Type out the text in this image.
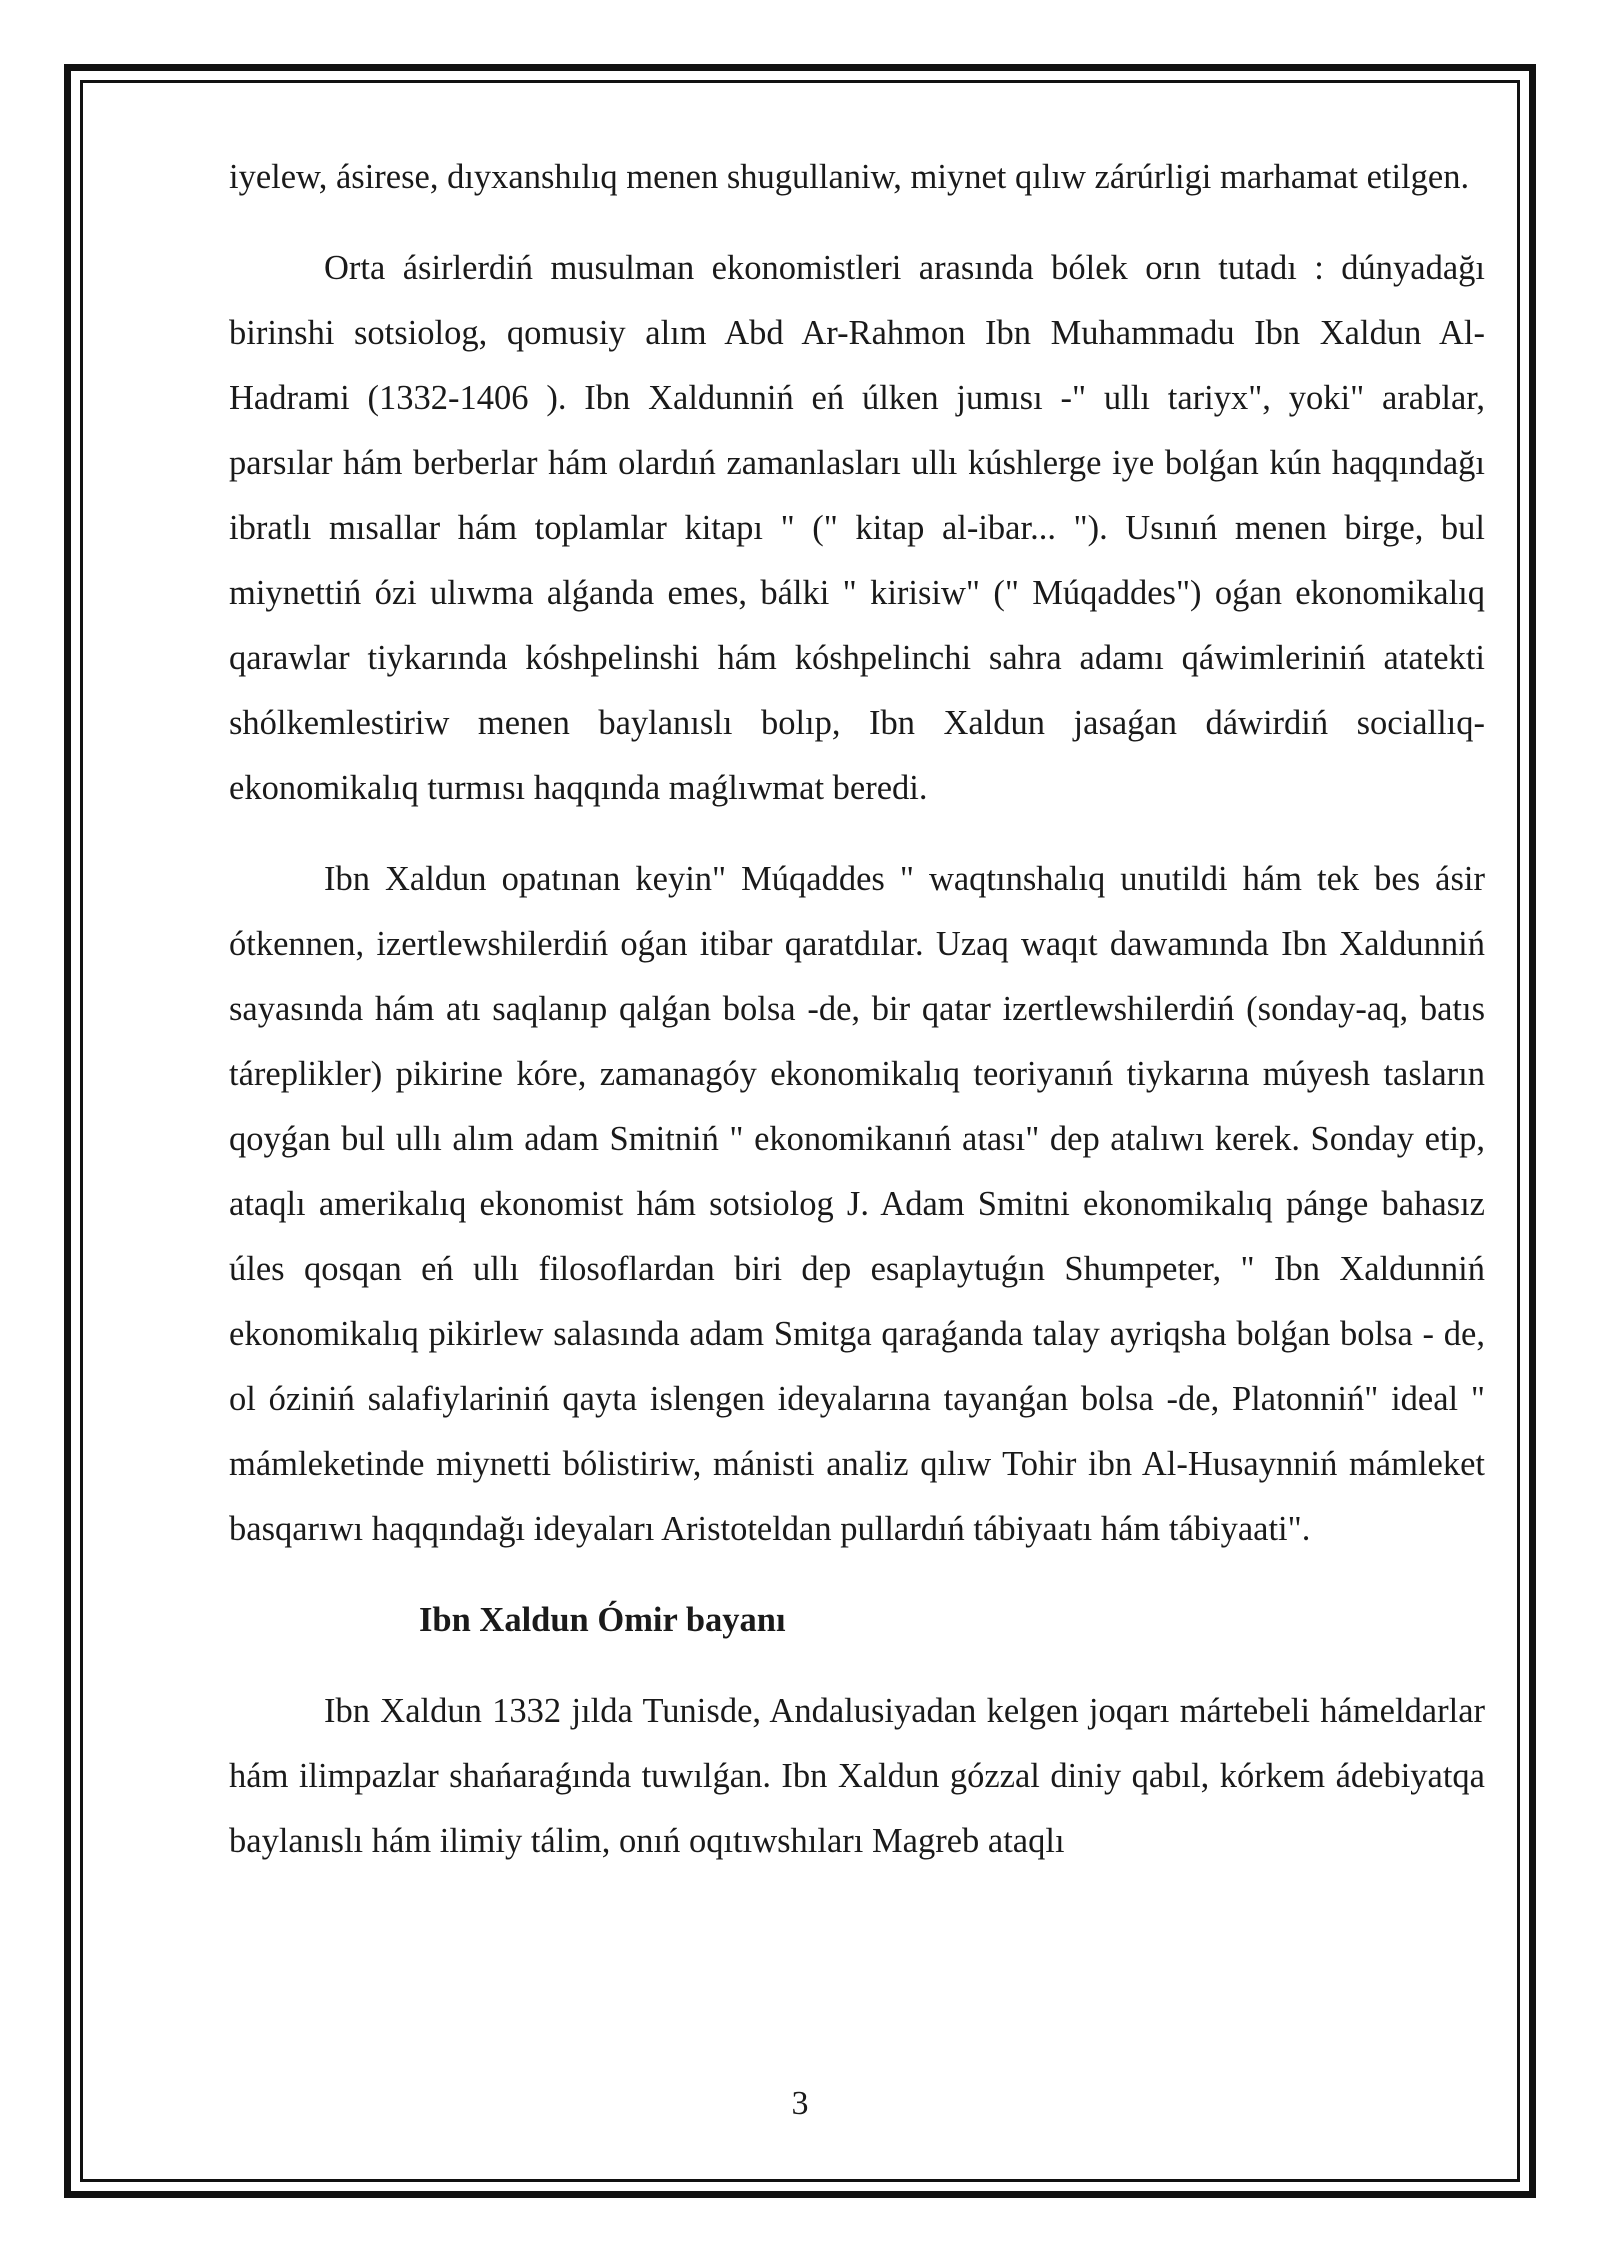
iyelew, ásirese, dıyxanshılıq menen shugullaniw, miynet qılıw zárúrligi marhamat etilgen.

Orta ásirlerdiń musulman ekonomistleri arasında bólek orın tutadı : dúnyadağı birinshi sotsiolog, qomusiy alım Abd Ar-Rahmon Ibn Muhammadu Ibn Xaldun Al-Hadrami (1332-1406 ). Ibn Xaldunniń eń úlken jumısı -" ullı tariyx", yoki" arablar, parsılar hám berberlar hám olardıń zamanlasları ullı kúshlerge iye bolǵan kún haqqındağı ibratlı mısallar hám toplamlar kitapı " (" kitap al-ibar... "). Usınıń menen birge, bul miynettiń ózi ulıwma alǵanda emes, bálki " kirisiw" (" Múqaddes") oǵan ekonomikalıq qarawlar tiykarında kóshpelinshi hám kóshpelinchi sahra adamı qáwimleriniń atatekti shólkemlestiriw menen baylanıslı bolıp, Ibn Xaldun jasaǵan dáwirdiń sociallıq-ekonomikalıq turmısı haqqında maǵlıwmat beredi.

Ibn Xaldun opatınan keyin" Múqaddes " waqtınshalıq unutildi hám tek bes ásir ótkennen, izertlewshilerdiń oǵan itibar qaratdılar. Uzaq waqıt dawamında Ibn Xaldunniń sayasında hám atı saqlanıp qalǵan bolsa -de, bir qatar izertlewshilerdiń (sonday-aq, batıs táreplikler) pikirine kóre, zamanagóy ekonomikalıq teoriyanıń tiykarına múyesh tasların qoyǵan bul ullı alım adam Smitniń " ekonomikanıń atası" dep atalıwı kerek. Sonday etip, ataqlı amerikalıq ekonomist hám sotsiolog J. Adam Smitni ekonomikalıq pánge bahasız úles qosqan eń ullı filosoflardan biri dep esaplaytuǵın Shumpeter, " Ibn Xaldunniń ekonomikalıq pikirlew salasında adam Smitga qaraǵanda talay ayriqsha bolǵan bolsa - de, ol óziniń salafiylariniń qayta islengen ideyalarına tayanǵan bolsa -de, Platonniń" ideal " mámleketinde miynetti bólistiriw, mánisti analiz qılıw Tohir ibn Al-Husaynniń mámleket basqarıwı haqqındağı ideyaları Aristoteldan pullardıń tábiyaatı hám tábiyaati".

Ibn Xaldun Ómir bayanı

Ibn Xaldun 1332 jılda Tunisde, Andalusiyadan kelgen joqarı mártebeli hámeldarlar hám ilimpazlar shańaraǵında tuwılǵan. Ibn Xaldun gózzal diniy qabıl, kórkem ádebiyatqa baylanıslı hám ilimiy tálim, onıń oqıtıwshıları Magreb ataqlı

3
